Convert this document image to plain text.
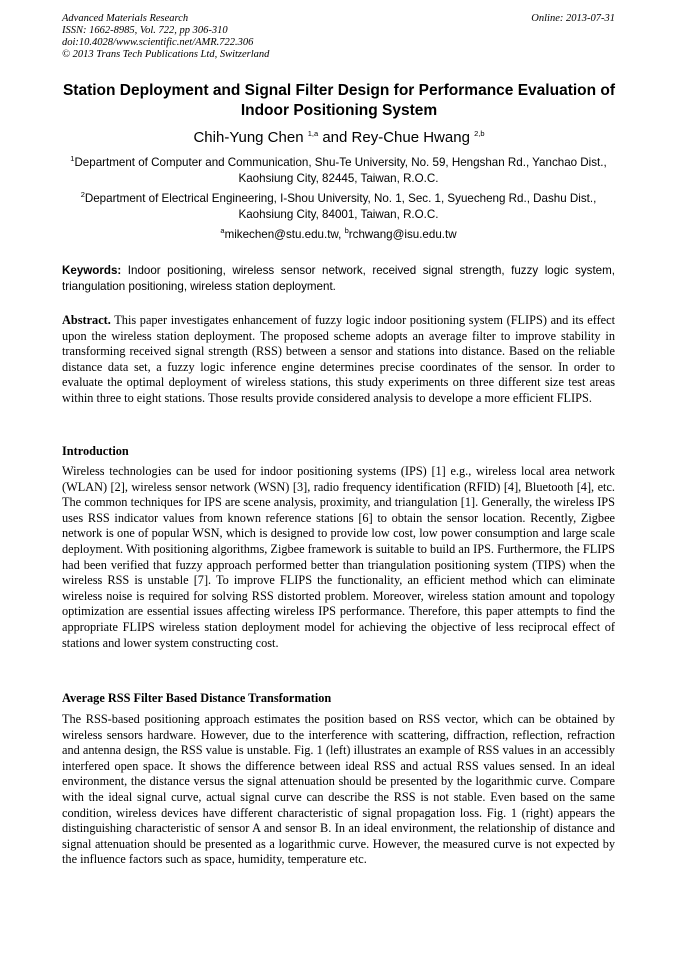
Advanced Materials Research
ISSN: 1662-8985, Vol. 722, pp 306-310
doi:10.4028/www.scientific.net/AMR.722.306
© 2013 Trans Tech Publications Ltd, Switzerland
Online: 2013-07-31
Station Deployment and Signal Filter Design for Performance Evaluation of Indoor Positioning System
Chih-Yung Chen $^{1,a}$ and Rey-Chue Hwang $^{2,b}$
$^1$Department of Computer and Communication, Shu-Te University, No. 59, Hengshan Rd., Yanchao Dist., Kaohsiung City, 82445, Taiwan, R.O.C.
$^2$Department of Electrical Engineering, I-Shou University, No. 1, Sec. 1, Syuecheng Rd., Dashu Dist., Kaohsiung City, 84001, Taiwan, R.O.C.
$^a$mikechen@stu.edu.tw, $^b$rchwang@isu.edu.tw
Keywords: Indoor positioning, wireless sensor network, received signal strength, fuzzy logic system, triangulation positioning, wireless station deployment.
Abstract. This paper investigates enhancement of fuzzy logic indoor positioning system (FLIPS) and its effect upon the wireless station deployment. The proposed scheme adopts an average filter to improve stability in transforming received signal strength (RSS) between a sensor and stations into distance. Based on the reliable distance data set, a fuzzy logic inference engine determines precise coordinates of the sensor. In order to evaluate the optimal deployment of wireless stations, this study experiments on three different size test areas within three to eight stations. Those results provide considered analysis to develope a more efficient FLIPS.
Introduction
Wireless technologies can be used for indoor positioning systems (IPS) [1] e.g., wireless local area network (WLAN) [2], wireless sensor network (WSN) [3], radio frequency identification (RFID) [4], Bluetooth [4], etc. The common techniques for IPS are scene analysis, proximity, and triangulation [1]. Generally, the wireless IPS uses RSS indicator values from known reference stations [6] to obtain the sensor location. Recently, Zigbee network is one of popular WSN, which is designed to provide low cost, low power consumption and large scale deployment. With positioning algorithms, Zigbee framework is suitable to build an IPS. Furthermore, the FLIPS had been verified that fuzzy approach performed better than triangulation positioning system (TIPS) when the wireless RSS is unstable [7]. To improve FLIPS the functionality, an efficient method which can eliminate wireless noise is required for solving RSS distorted problem. Moreover, wireless station amount and topology optimization are essential issues affecting wireless IPS performance. Therefore, this paper attempts to find the appropriate FLIPS wireless station deployment model for achieving the objective of less reciprocal effect of stations and lower system constructing cost.
Average RSS Filter Based Distance Transformation
The RSS-based positioning approach estimates the position based on RSS vector, which can be obtained by wireless sensors hardware. However, due to the interference with scattering, diffraction, reflection, refraction and antenna design, the RSS value is unstable. Fig. 1 (left) illustrates an example of RSS values in an accessibly interfered open space. It shows the difference between ideal RSS and actual RSS values sensed. In an ideal environment, the distance versus the signal attenuation should be presented by the logarithmic curve. Compare with the ideal signal curve, actual signal curve can describe the RSS is not stable. Even based on the same condition, wireless devices have different characteristic of signal propagation loss. Fig. 1 (right) appears the distinguishing characteristic of sensor A and sensor B. In an ideal environment, the relationship of distance and signal attenuation should be presented as a logarithmic curve. However, the measured curve is not expected by the influence factors such as space, humidity, temperature etc.
